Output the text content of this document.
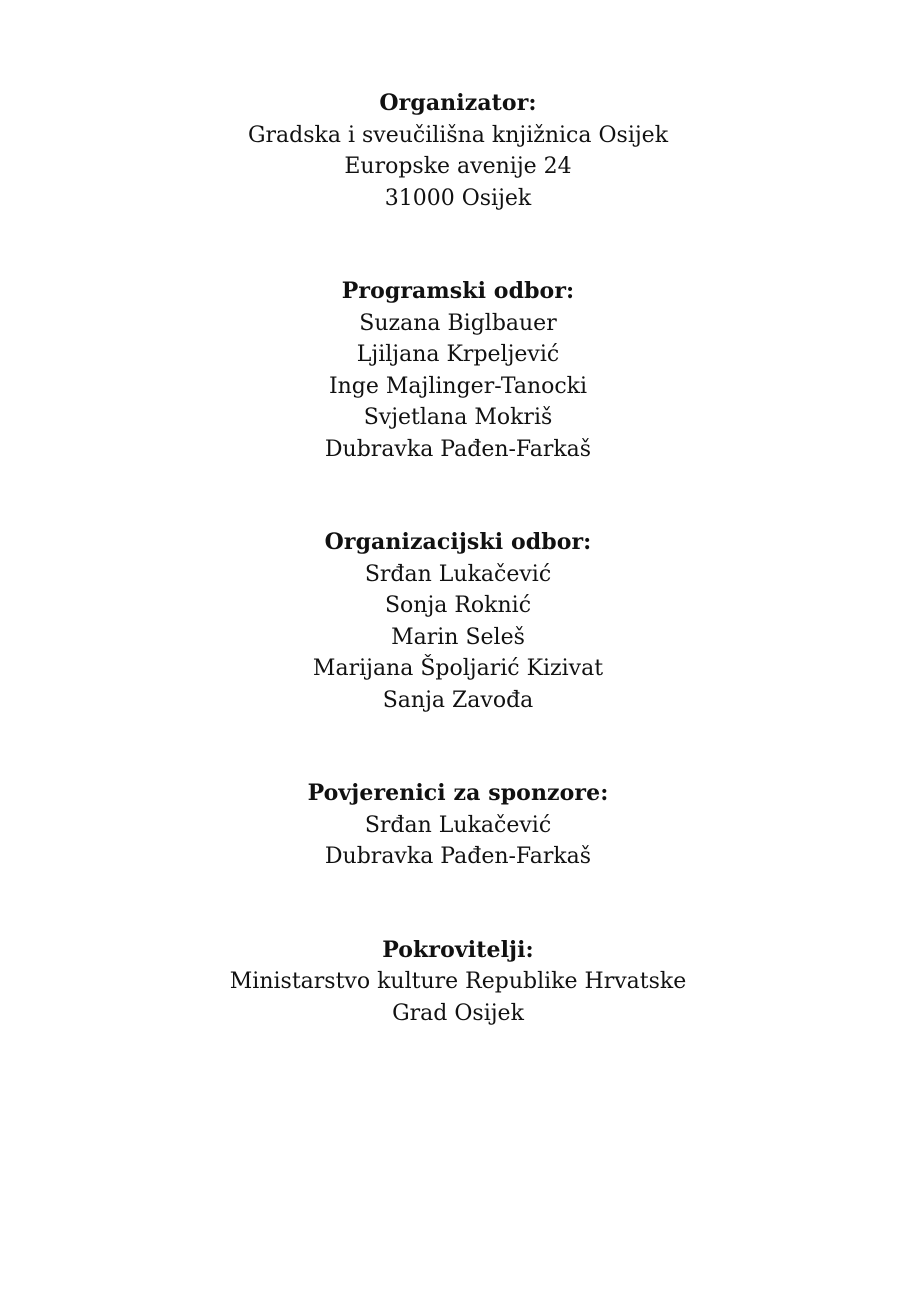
Organizator:
Gradska i sveučilišna knjižnica Osijek
Europske avenije 24
31000 Osijek
Programski odbor:
Suzana Biglbauer
Ljiljana Krpeljević
Inge Majlinger-Tanocki
Svjetlana Mokriš
Dubravka Pađen-Farkaš
Organizacijski odbor:
Srđan Lukačević
Sonja Roknić
Marin Seleš
Marijana Špoljarić Kizivat
Sanja Zavođa
Povjerenici za sponzore:
Srđan Lukačević
Dubravka Pađen-Farkaš
Pokrovitelji:
Ministarstvo kulture Republike Hrvatske
Grad Osijek
